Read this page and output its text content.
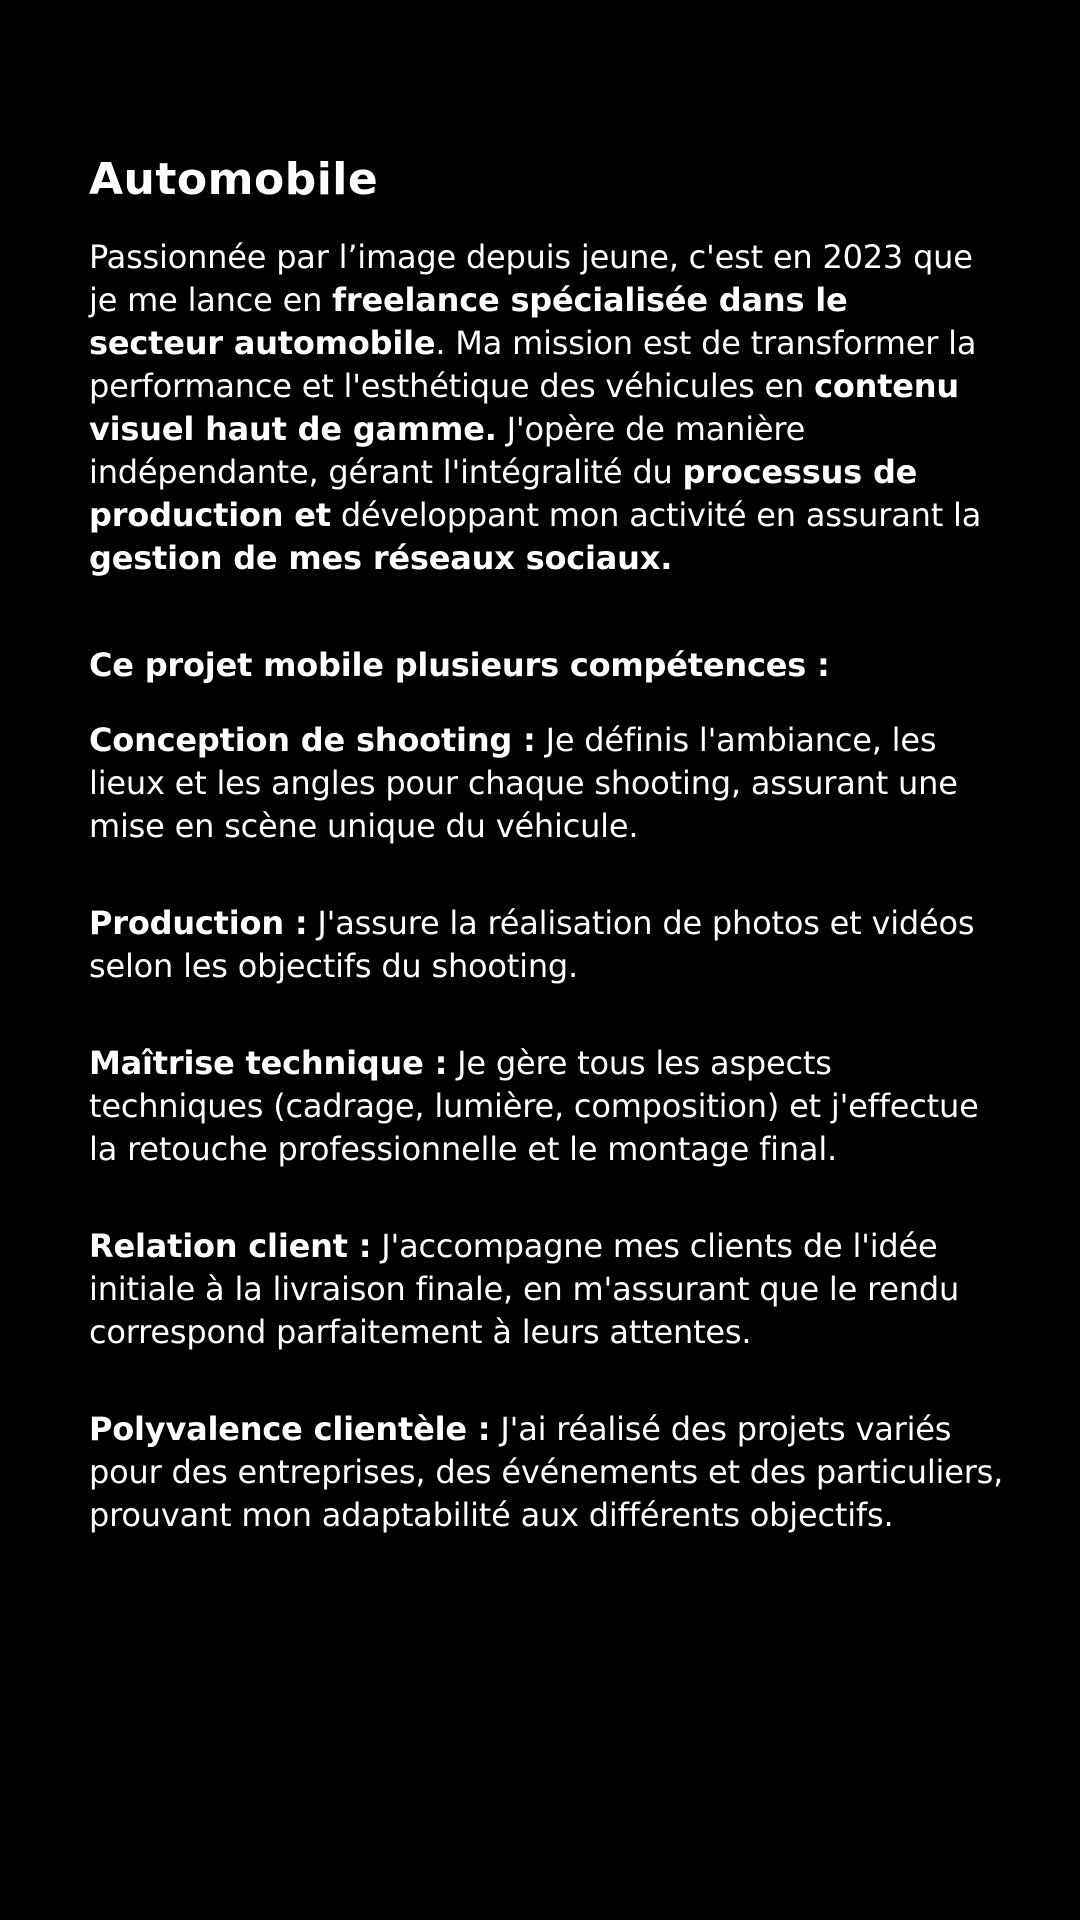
Automobile

Passionnée par l’image depuis jeune, c'est en 2023 que je me lance en freelance spécialisée dans le secteur automobile. Ma mission est de transformer la performance et l'esthétique des véhicules en contenu visuel haut de gamme. J'opère de manière indépendante, gérant l'intégralité du processus de production et développant mon activité en assurant la gestion de mes réseaux sociaux.

Ce projet mobile plusieurs compétences :

Conception de shooting : Je définis l'ambiance, les lieux et les angles pour chaque shooting, assurant une mise en scène unique du véhicule.

Production : J'assure la réalisation de photos et vidéos selon les objectifs du shooting.

Maîtrise technique : Je gère tous les aspects techniques (cadrage, lumière, composition) et j'effectue la retouche professionnelle et le montage final.

Relation client : J'accompagne mes clients de l'idée initiale à la livraison finale, en m'assurant que le rendu correspond parfaitement à leurs attentes.

Polyvalence clientèle : J'ai réalisé des projets variés pour des entreprises, des événements et des particuliers, prouvant mon adaptabilité aux différents objectifs.
